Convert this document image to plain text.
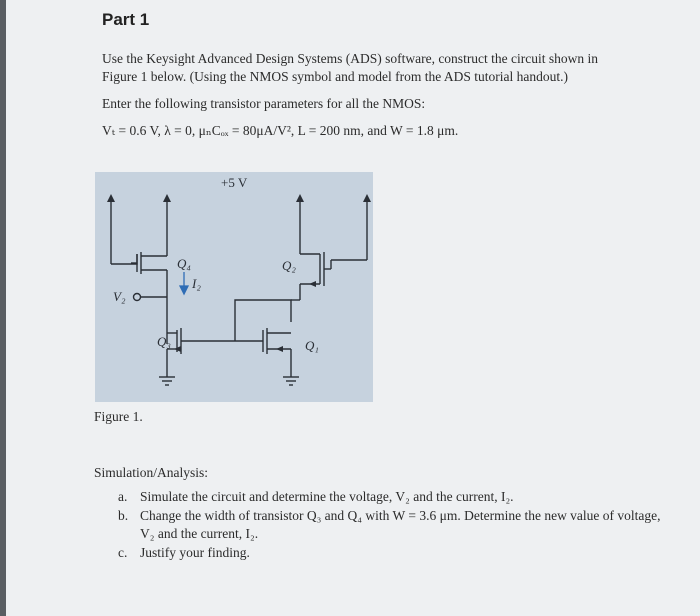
Part 1
Use the Keysight Advanced Design Systems (ADS) software, construct the circuit shown in
Figure 1 below. (Using the NMOS symbol and model from the ADS tutorial handout.)
Enter the following transistor parameters for all the NMOS:
Vₜ = 0.6 V, λ = 0, μₙCₒₓ = 80μA/V², L = 200 nm, and W = 1.8 μm.
+5 V
Q₄	Q₂
Q₃	Q₁
V₂
I₂
Figure 1.
Simulation/Analysis:
a. Simulate the circuit and determine the voltage, V₂ and the current, I₂.
b. Change the width of transistor Q₃ and Q₄ with W = 3.6 μm. Determine the new value of voltage, V₂ and the current, I₂.
c. Justify your finding.
